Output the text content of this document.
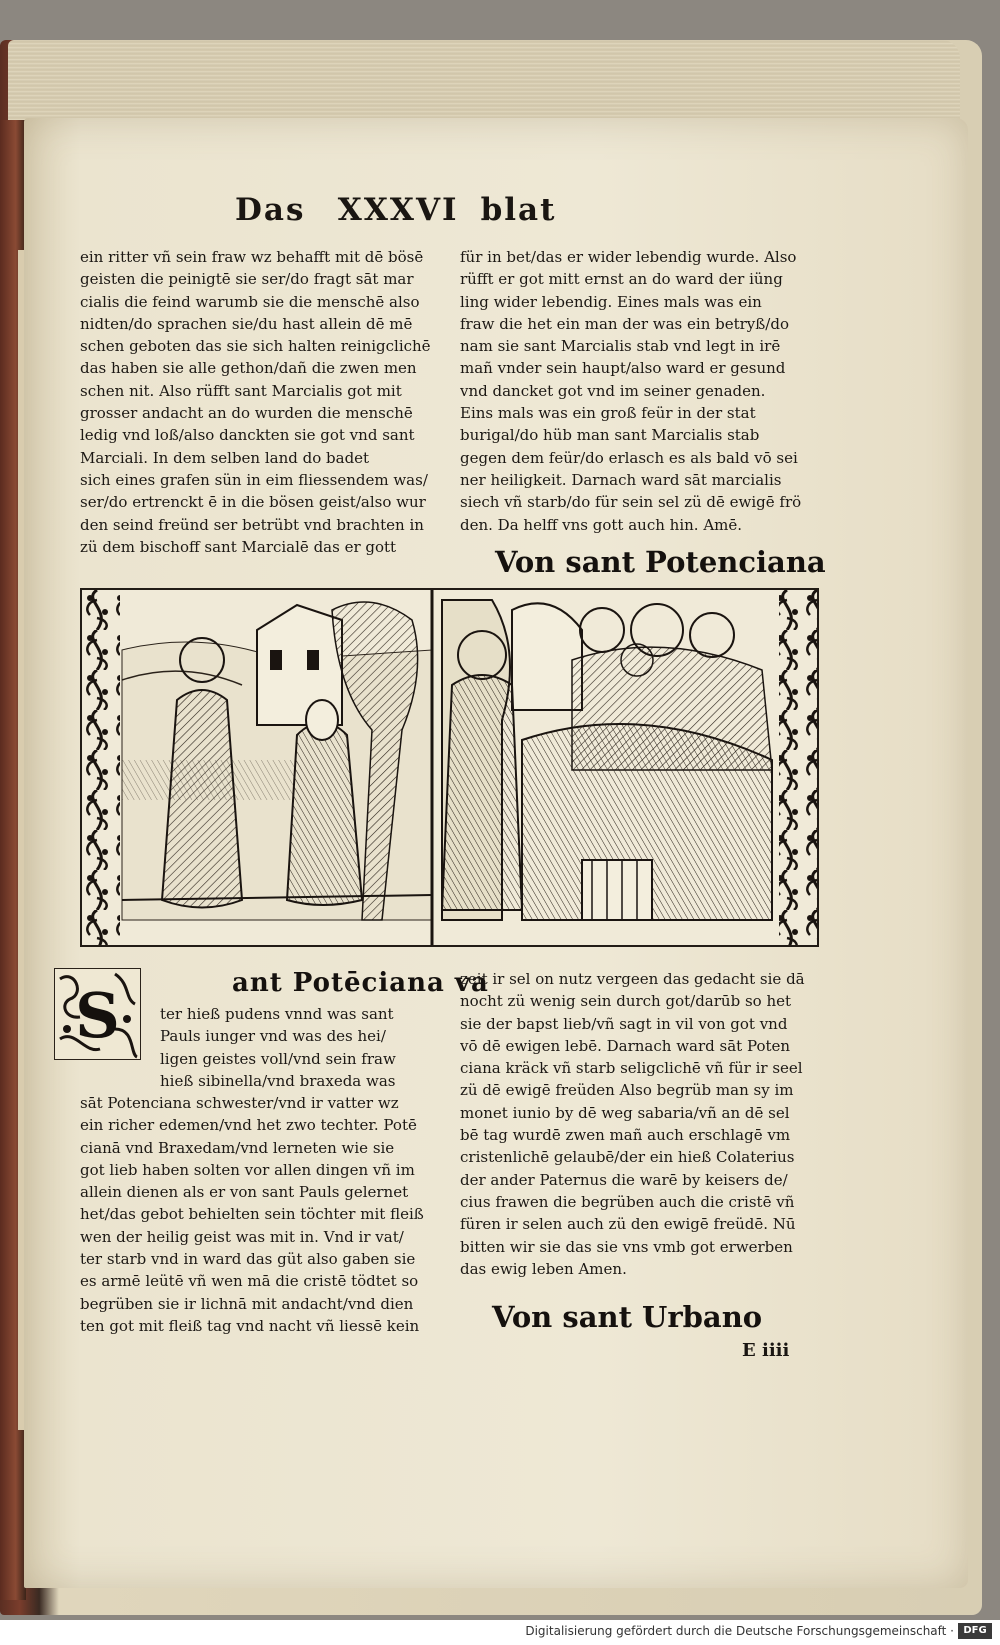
Das XXXVI blat
ein ritter vñ sein fraw wz behafft mit dē bösē
geisten die peinigtē sie ser/do fragt sāt mar
cialis die feind warumb sie die menschē also
nidten/do sprachen sie/du hast allein dē mē
schen geboten das sie sich halten reinigclichē
das haben sie alle gethon/dañ die zwen men
schen nit. Also rüfft sant Marcialis got mit
grosser andacht an do wurden die menschē
ledig vnd loß/also danckten sie got vnd sant
Marciali. In dem selben land do badet
sich eines grafen sün in eim fliessendem was/
ser/do ertrenckt ē in die bösen geist/also wur
den seind freünd ser betrübt vnd brachten in
zü dem bischoff sant Marcialē das er gott
für in bet/das er wider lebendig wurde. Also
rüfft er got mitt ernst an do ward der iüng
ling wider lebendig. Eines mals was ein
fraw die het ein man der was ein betryß/do
nam sie sant Marcialis stab vnd legt in irē
mañ vnder sein haupt/also ward er gesund
vnd dancket got vnd im seiner genaden.
Eins mals was ein groß feür in der stat
burigal/do hüb man sant Marcialis stab
gegen dem feür/do erlasch es als bald vō sei
ner heiligkeit. Darnach ward sāt marcialis
siech vñ starb/do für sein sel zü dē ewigē frö
den. Da helff vns gott auch hin. Amē.
Von sant Potenciana
S	ant Potēciana va
ter hieß pudens vnnd was sant
Pauls iunger vnd was des hei/
ligen geistes voll/vnd sein fraw
hieß sibinella/vnd braxeda was
sāt Potenciana schwester/vnd ir vatter wz
ein richer edemen/vnd het zwo techter. Potē
cianā vnd Braxedam/vnd lerneten wie sie
got lieb haben solten vor allen dingen vñ im
allein dienen als er von sant Pauls gelernet
het/das gebot behielten sein töchter mit fleiß
wen der heilig geist was mit in. Vnd ir vat/
ter starb vnd in ward das güt also gaben sie
es armē leütē vñ wen mā die cristē tödtet so
begrüben sie ir lichnā mit andacht/vnd dien
ten got mit fleiß tag vnd nacht vñ liessē kein
zeit ir sel on nutz vergeen das gedacht sie dā
nocht zü wenig sein durch got/darūb so het
sie der bapst lieb/vñ sagt in vil von got vnd
vō dē ewigen lebē. Darnach ward sāt Poten
ciana kräck vñ starb seligclichē vñ für ir seel
zü dē ewigē freüden Also begrüb man sy im
monet iunio by dē weg sabaria/vñ an dē sel
bē tag wurdē zwen mañ auch erschlagē vm
cristenlichē gelaubē/der ein hieß Colaterius
der ander Paternus die warē by keisers de/
cius frawen die begrüben auch die cristē vñ
füren ir selen auch zü den ewigē freüdē. Nū
bitten wir sie das sie vns vmb got erwerben
das ewig leben Amen.
Von sant Urbano
E iiii
Digitalisierung gefördert durch die Deutsche Forschungsgemeinschaft · DFG
